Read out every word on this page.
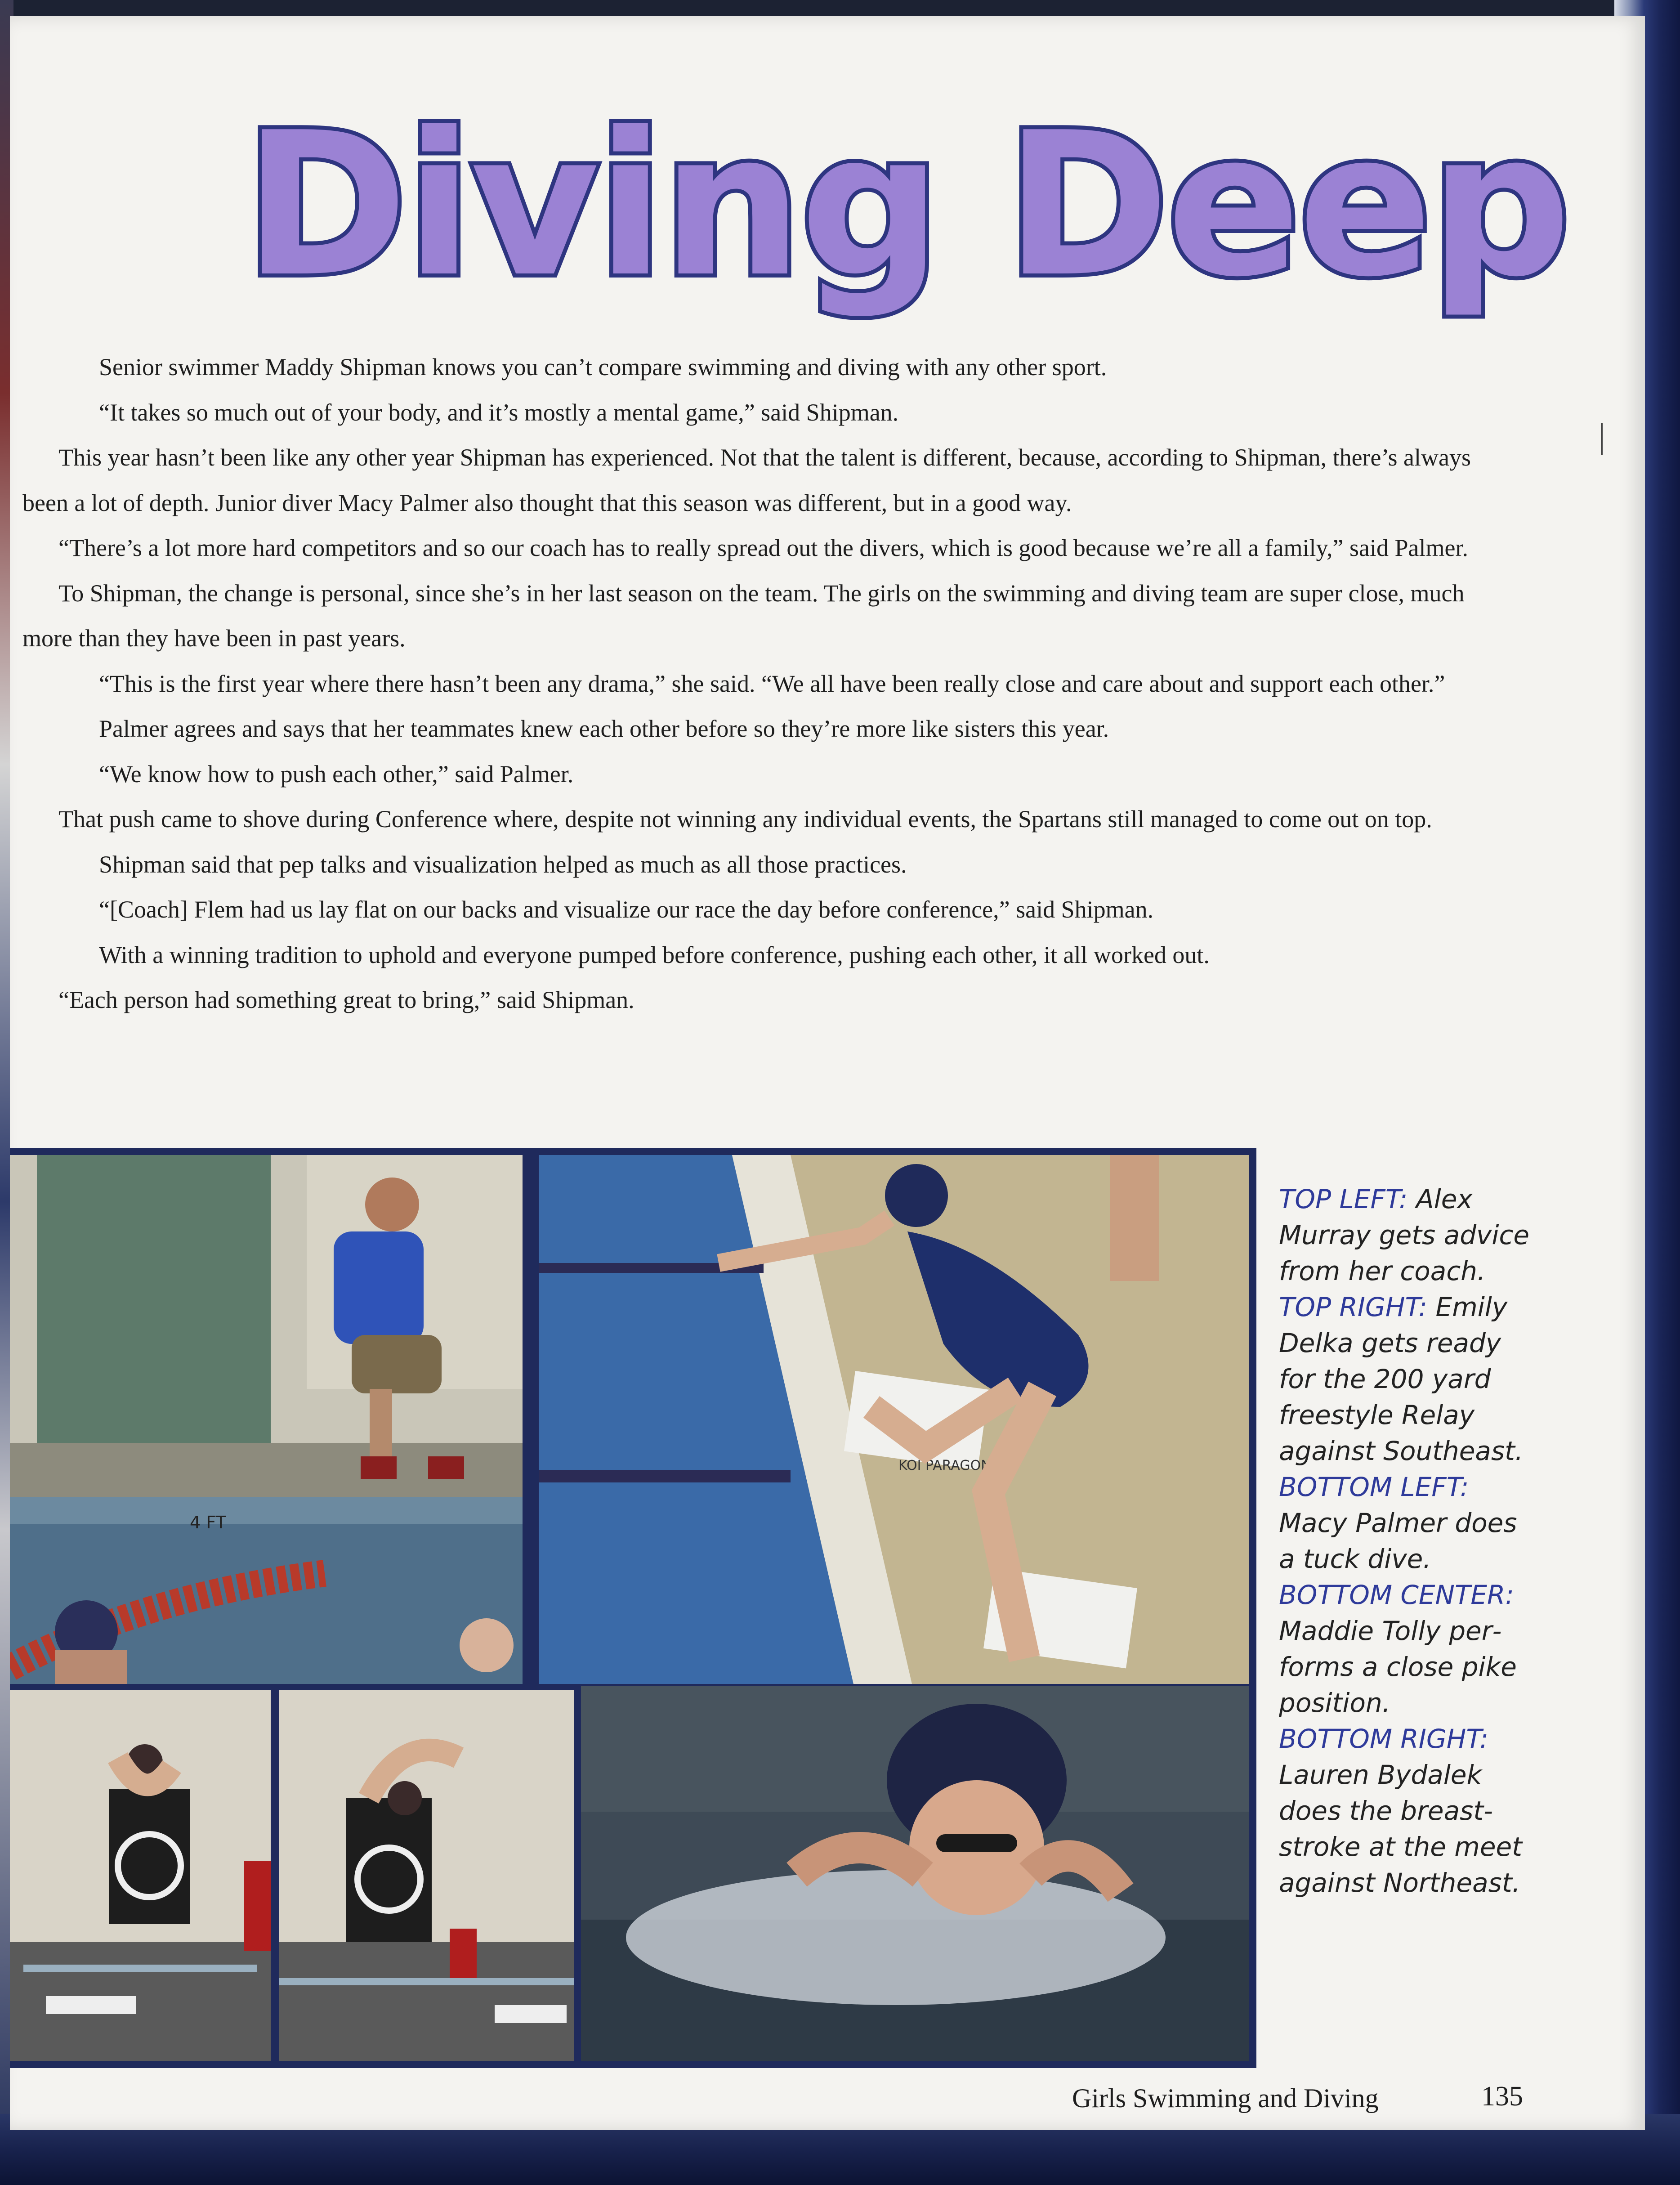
Diving Deep

Senior swimmer Maddy Shipman knows you can’t compare swimming and diving with any other sport.

“It takes so much out of your body, and it’s mostly a mental game,” said Shipman.

This year hasn’t been like any other year Shipman has experienced. Not that the talent is different, because, according to Shipman, there’s always been a lot of depth. Junior diver Macy Palmer also thought that this season was different, but in a good way.

“There’s a lot more hard competitors and so our coach has to really spread out the divers, which is good because we’re all a family,” said Palmer.

To Shipman, the change is personal, since she’s in her last season on the team. The girls on the swimming and diving team are super close, much more than they have been in past years.

“This is the first year where there hasn’t been any drama,” she said. “We all have been really close and care about and support each other.”

Palmer agrees and says that her teammates knew each other before so they’re more like sisters this year.

“We know how to push each other,” said Palmer.

That push came to shove during Conference where, despite not winning any individual events, the Spartans still managed to come out on top.

Shipman said that pep talks and visualization helped as much as all those practices.

“[Coach] Flem had us lay flat on our backs and visualize our race the day before conference,” said Shipman.

With a winning tradition to uphold and everyone pumped before conference, pushing each other, it all worked out.

“Each person had something great to bring,” said Shipman.

4 FT
KOI PARAGON
TOP LEFT: Alex Murray gets advice from her coach.
TOP RIGHT: Emily Delka gets ready for the 200 yard freestyle Relay against Southeast.
BOTTOM LEFT: Macy Palmer does a tuck dive.
BOTTOM CENTER: Maddie Tolly performs a close pike position.
BOTTOM RIGHT: Lauren Bydalek does the breaststroke at the meet against Northeast.
Girls Swimming and Diving	135
